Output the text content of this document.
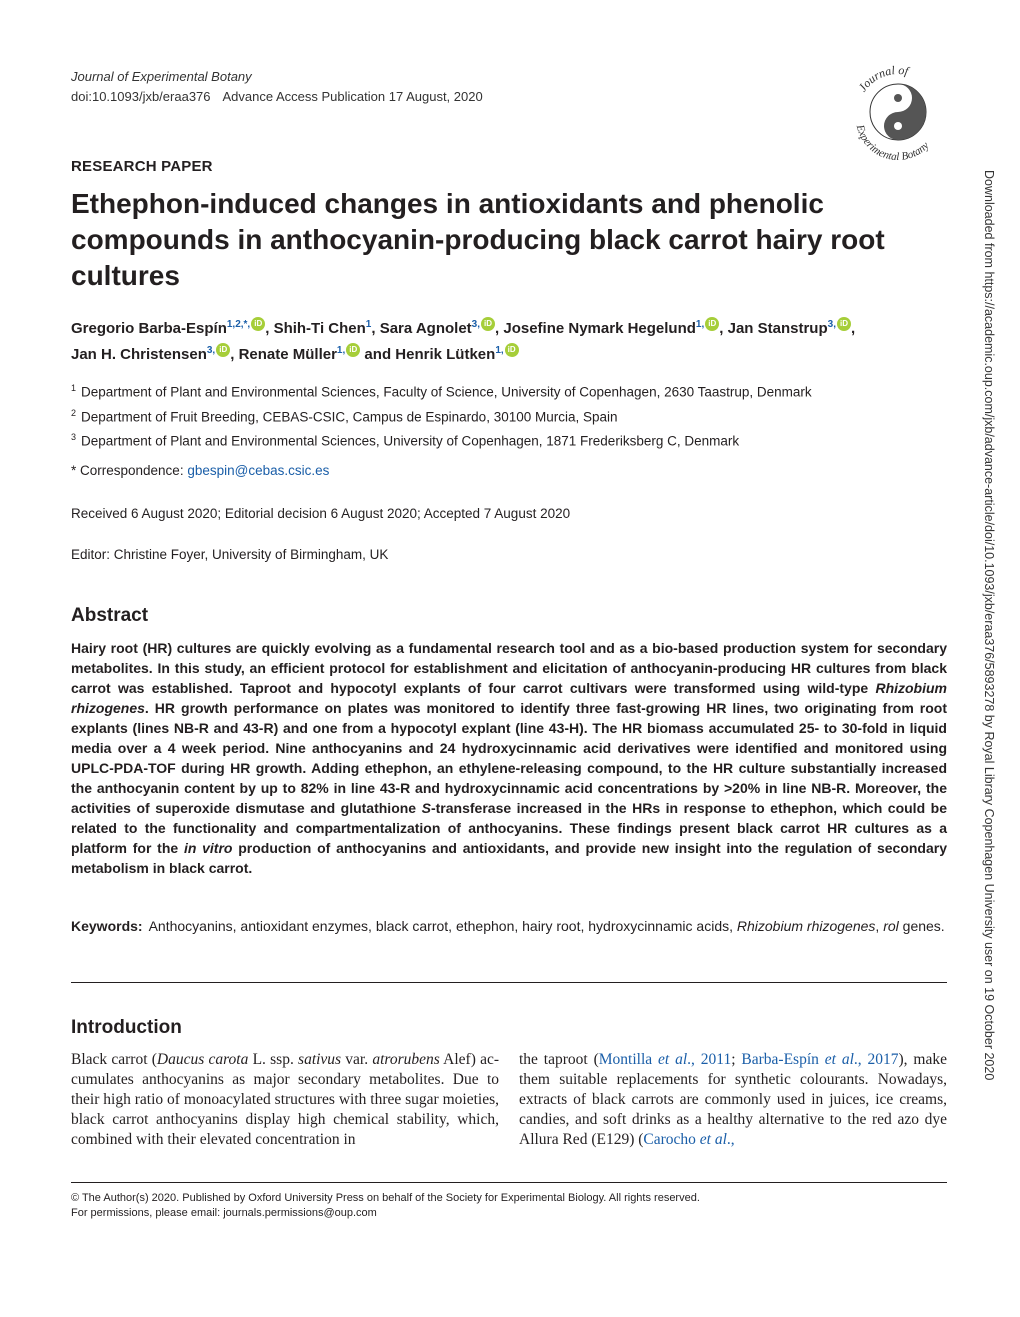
Journal of Experimental Botany
doi:10.1093/jxb/eraa376 Advance Access Publication 17 August, 2020
Journal of
Experimental Botany
RESEARCH PAPER
Ethephon-induced changes in antioxidants and phenolic compounds in anthocyanin-producing black carrot hairy root cultures
Gregorio Barba-Espín$^{1,2,*,}$ iD , Shih-Ti Chen$^1$, Sara Agnolet$^{3,}$ iD , Josefine Nymark Hegelund$^{1,}$ iD , Jan Stanstrup$^{3,}$ iD ,
Jan H. Christensen$^{3,}$ iD , Renate Müller$^{1,}$ iD and Henrik Lütken$^{1,}$ iD
$^1$ Department of Plant and Environmental Sciences, Faculty of Science, University of Copenhagen, 2630 Taastrup, Denmark
$^2$ Department of Fruit Breeding, CEBAS-CSIC, Campus de Espinardo, 30100 Murcia, Spain
$^3$ Department of Plant and Environmental Sciences, University of Copenhagen, 1871 Frederiksberg C, Denmark
* Correspondence: gbespin@cebas.csic.es
Received 6 August 2020; Editorial decision 6 August 2020; Accepted 7 August 2020
Editor: Christine Foyer, University of Birmingham, UK
Abstract
Hairy root (HR) cultures are quickly evolving as a fundamental research tool and as a bio-based production system for secondary metabolites. In this study, an efficient protocol for establishment and elicitation of anthocyanin-producing HR cultures from black carrot was established. Taproot and hypocotyl explants of four carrot cultivars were transformed using wild-type Rhizobium rhizogenes. HR growth performance on plates was monitored to identify three fast-growing HR lines, two originating from root explants (lines NB-R and 43-R) and one from a hypocotyl explant (line 43-H). The HR biomass accumulated 25- to 30-fold in liquid media over a 4 week period. Nine anthocyanins and 24 hydroxycinnamic acid derivatives were identified and monitored using UPLC-PDA-TOF during HR growth. Adding ethephon, an ethylene-releasing compound, to the HR culture substantially increased the anthocyanin content by up to 82% in line 43-R and hydroxycinnamic acid concentrations by >20% in line NB-R. Moreover, the activities of superoxide dismutase and glutathione S-transferase increased in the HRs in response to ethephon, which could be related to the functionality and compartmentalization of anthocyanins. These findings present black carrot HR cultures as a platform for the in vitro production of anthocyanins and antioxidants, and provide new insight into the regulation of secondary metabolism in black carrot.
Keywords: Anthocyanins, antioxidant enzymes, black carrot, ethephon, hairy root, hydroxycinnamic acids, Rhizobium rhizogenes, rol genes.
Introduction
Black carrot (Daucus carota L. ssp. sativus var. atrorubens Alef) accumulates anthocyanins as major secondary metabolites. Due to their high ratio of monoacylated structures with three sugar moieties, black carrot anthocyanins display high chemical stability, which, combined with their elevated concentration in
the taproot (Montilla et al., 2011; Barba-Espín et al., 2017), make them suitable replacements for synthetic colourants. Nowadays, extracts of black carrots are commonly used in juices, ice creams, candies, and soft drinks as a healthy alternative to the red azo dye Allura Red (E129) (Carocho et al.,
© The Author(s) 2020. Published by Oxford University Press on behalf of the Society for Experimental Biology. All rights reserved.
For permissions, please email: journals.permissions@oup.com
Downloaded from https://academic.oup.com/jxb/advance-article/doi/10.1093/jxb/eraa376/5893278 by Royal Library Copenhagen University user on 19 October 2020
